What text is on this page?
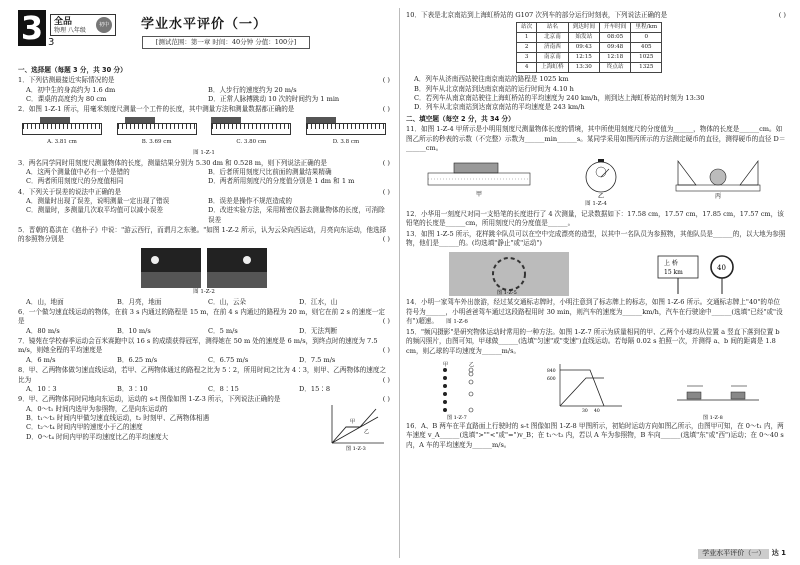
3 3
全品
物理 八年级
初中	学业水平评价（一）
[测试范围：第一章 时间：40分钟 分值：100分]
一、选择题（每题 3 分，共 30 分）
1．下列估测最接近实际情况的是	( )
A．初中生的身高约为 1.6 dm	B．人步行的速度约为 20 m/s
C．课桌的高度约为 80 cm	D．正常人脉搏跳动 10 次的时间约为 1 min
2．如图 1-Z-1 所示，用毫米刻度尺测量一个工件的长度，其中测量方法和测量数据都正确的是	( )
A. 3.81 cm	B. 3.69 cm	C. 3.80 cm	D. 3.8 cm
图 1-Z-1
3．两名同学同时用刻度尺测量物体的长度，测量结果分别为 5.30 dm 和 0.528 m，则下列说法正确的是	( )
A．这两个测量值中必有一个是错的	B．后者所用刻度尺比前面的测量结果精确
C．两者所用刻度尺的分度值相同	D．两者所用刻度尺的分度值分别是 1 dm 和 1 m
4．下列关于误差的说法中正确的是	( )
A．测量时出现了误差，说明测量一定出现了错误	B．误差是操作不规范造成的
C．测量时，多测量几次取平均值可以减小误差	D．改进实验方法，采用精密仪器去测量物体的长度，可消除误差
5．晋朝的葛洪在《抱朴子》中说："游云西行，而谓月之东驰。"如图 1-Z-2 所示，认为云朵向西运动，月亮向东运动，他选择的参照物分别是	( )
图 1-Z-2
A．山，地面	B．月亮，地面	C．山，云朵	D．江水，山
6．一个做匀速直线运动的物体，在前 3 s 内通过的路程是 15 m，在前 4 s 内通过的路程为 20 m，则它在前 2 s 的速度一定是	( )
A．80 m/s	B．10 m/s	C．5 m/s	D．无法判断
7．镜苑在学校春季运动会百米赛跑中以 16 s 的成绩获得冠军，测得她在 50 m 处的速度是 6 m/s，到终点时的速度为 7.5 m/s，则她全程的平均速度是	( )
A．6 m/s	B．6.25 m/s	C．6.75 m/s	D．7.5 m/s
8．甲、乙两物体做匀速直线运动，若甲、乙两物体通过的路程之比为 5∶2，所用时间之比为 4∶3，则甲、乙两物体的速度之比为	( )
A．10∶3	B．3∶10	C．8∶15	D．15∶8
9．甲、乙两物体同时同地向东运动，运动的 s-t 图像如图 1-Z-3 所示，下列说法正确的是	( )
A．0～t₁ 时间内选甲为参照物，乙是向东运动的
B．t₁～t₃ 时间内甲做匀速直线运动，t₂ 时刻甲、乙两物体相遇
C．t₂～t₄ 时间内甲的速度小于乙的速度
D．0～t₄ 时间内甲的平均速度比乙的平均速度大
甲
乙
图 1-Z-3
10．下表是北京南站到上海虹桥站的 G107 次列车的部分运行时刻表，下列说法正确的是	( )
站次	站名	到达时间	开车时间	里程/km
1	北京南	始发站	08:05	0
2	济南西	09:43	09:48	405
3	南京南	12:15	12:18	1025
4	上海虹桥	13:30	终点站	1325
A．列车从济南西站驶往南京南站的路程是 1025 km
B．列车从北京南站到达南京南站的运行时间为 4.10 h
C．若列车从南京南站驶往上海虹桥站的平均速度为 240 km/h，则到达上海虹桥站的时刻为 13:30
D．列车从北京南站到达南京南站的平均速度是 243 km/h
二、填空题（每空 2 分，共 34 分）
11．如图 1-Z-4 甲所示是小明用刻度尺测量物体长度的情境，其中所使用刻度尺的分度值为______，物体的长度是______cm。如图乙所示的秒表的示数（不完整）示数为______min______s。某同学采用如图丙所示的方法测定硬币的直径，测得硬币的直径 D＝______cm。
甲	乙	丙
图 1-Z-4
12．小华用一刻度尺对同一支铅笔的长度进行了 4 次测量，记录数据如下：17.58 cm，17.57 cm，17.85 cm，17.57 cm，该铅笔的长度是______cm，所用刻度尺的分度值是______。
13．如图 1-Z-5 所示，花样跳伞队员可以在空中完成漂亮的造型，以其中一名队员为参照物，其他队员是______的，以大地为参照物，他们是______的。(均选填"静止"或"运动")
图 1-Z-5
上 桥
15 km
40
14．小明一家驾车外出旅游，经过某交通标志牌时，小明注意到了标志牌上的标志，如图 1-Z-6 所示。交通标志牌上"40"的单位符号为______，小明爸爸驾车通过这段路程用时 30 min，则汽车的速度为______km/h，汽车在行驶途中______(选填"已经"或"没有")超速。 图 1-Z-6
15．"频闪摄影"是研究物体运动时常用的一种方法。如图 1-Z-7 所示为质量相同的甲、乙两个小球均从位置 a 竖直下落到位置 b 的频闪照片，由图可知，甲球做______(选填"匀速"或"变速")直线运动。若每隔 0.02 s 拍照一次，并测得 a、b 间的距离是 1.8 cm，则乙球的平均速度为______m/s。
甲	乙
图 1-Z-7
840
600
30 40
图 1-Z-8
16．A、B 两车在平直路面上行驶时的 s-t 图像如图 1-Z-8 甲图所示，初始时运动方向如图乙所示，由图甲可知，在 0～t₁ 内，两车速度 v_A______(选填">""<"或"=")v_B；在 t₁～t₂ 内，若以 A 车为参照物，B 车向______(选填"东"或"西")运动；在 0～40 s 内，A 车的平均速度为______m/s。
学业水平评价（一） 达 1
